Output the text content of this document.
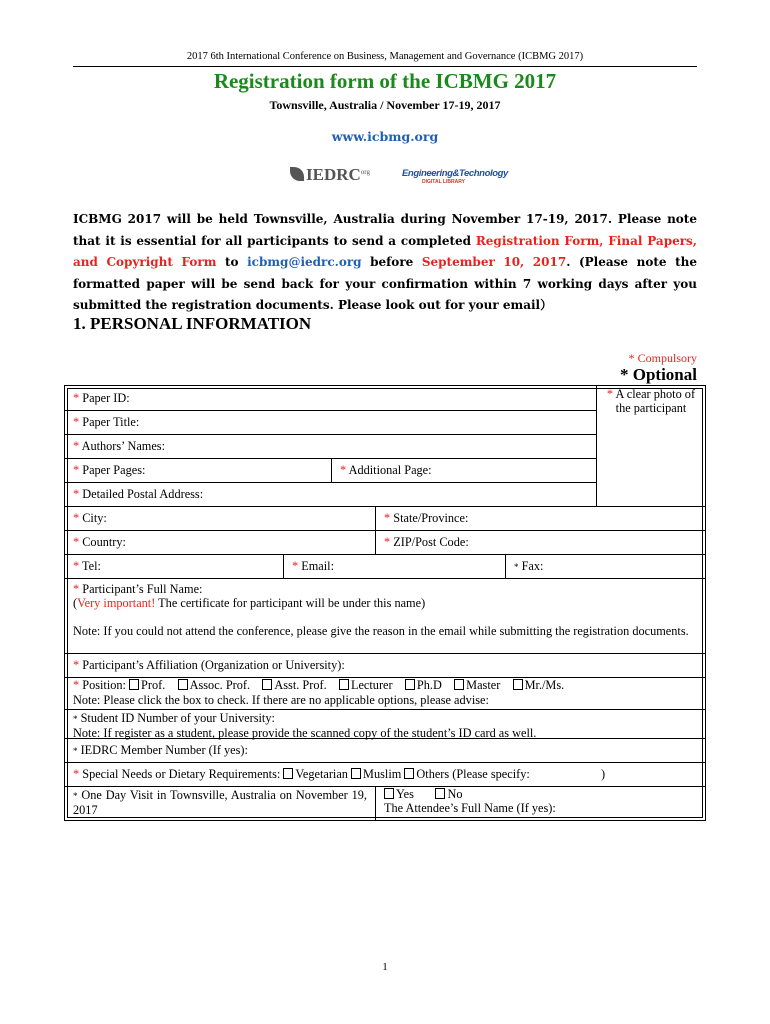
2017 6th International Conference on Business, Management and Governance (ICBMG 2017)
Registration form of the ICBMG 2017
Townsville, Australia / November 17-19, 2017
www.icbmg.org
$IEDRC^{org}$	Engineering&Technology
DIGITAL LIBRARY
ICBMG 2017 will be held Townsville, Australia during November 17-19, 2017. Please note that it is essential for all participants to send a completed Registration Form, Final Papers, and Copyright Form to icbmg@iedrc.org before September 10, 2017. (Please note the formatted paper will be send back for your confirmation within 7 working days after you submitted the registration documents. Please look out for your email）
1. PERSONAL INFORMATION
* Compulsory
* Optional
* A clear photo of
the participant
* Paper ID:
* Paper Title:
* Authors’ Names:
* Paper Pages:	* Additional Page:
* Detailed Postal Address:
* City:	* State/Province:
* Country:	* ZIP/Post Code:
* Tel:	* Email:	* Fax:
* Participant’s Full Name:
(Very important! The certificate for participant will be under this name)
Note: If you could not attend the conference, please give the reason in the email while submitting the registration documents.
* Participant’s Affiliation (Organization or University):
* Position: Prof. Assoc. Prof. Asst. Prof. Lecturer Ph.D Master Mr./Ms.
Note: Please click the box to check. If there are no applicable options, please advise:
* Student ID Number of your University:
Note: If register as a student, please provide the scanned copy of the student’s ID card as well.
* IEDRC Member Number (If yes):
* Special Needs or Dietary Requirements: Vegetarian Muslim Others (Please specify:	)
* One Day Visit in Townsville, Australia on November 19, 2017
Yes	No
The Attendee’s Full Name (If yes):
1
